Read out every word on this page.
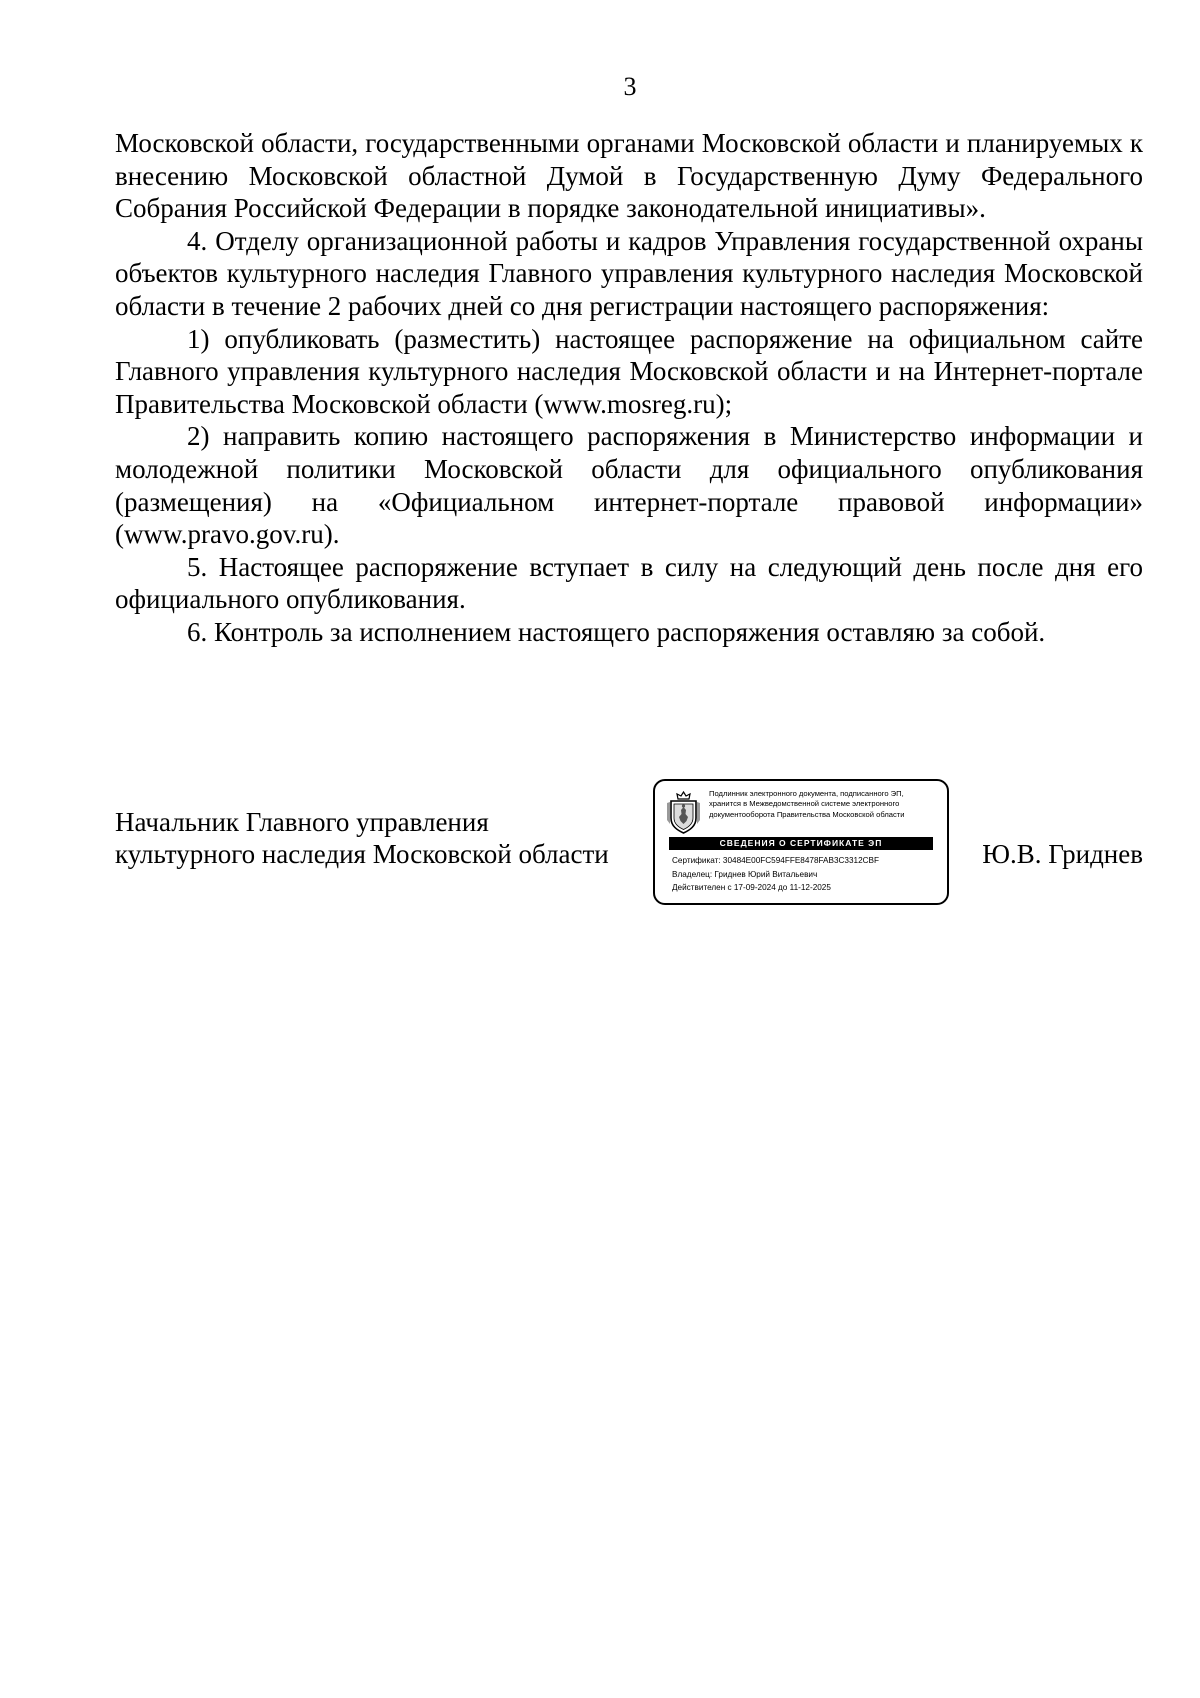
3

Московской области, государственными органами Московской области и планируемых к внесению Московской областной Думой в Государственную Думу Федерального Собрания Российской Федерации в порядке законодательной инициативы».

4. Отделу организационной работы и кадров Управления государственной охраны объектов культурного наследия Главного управления культурного наследия Московской области в течение 2 рабочих дней со дня регистрации настоящего распоряжения:

1) опубликовать (разместить) настоящее распоряжение на официальном сайте Главного управления культурного наследия Московской области и на Интернет-портале Правительства Московской области (www.mosreg.ru);

2) направить копию настоящего распоряжения в Министерство информации и молодежной политики Московской области для официального опубликования (размещения) на «Официальном интернет-портале правовой информации» (www.pravo.gov.ru).

5. Настоящее распоряжение вступает в силу на следующий день после дня его официального опубликования.

6. Контроль за исполнением настоящего распоряжения оставляю за собой.

Начальник Главного управления
культурного наследия Московской области
Подлинник электронного документа, подписанного ЭП,
хранится в Межведомственной системе электронного
документооборота Правительства Московской области
СВЕДЕНИЯ О СЕРТИФИКАТЕ ЭП
Сертификат: 30484E00FC594FFE8478FAB3C3312CBF
Владелец: Гриднев Юрий Витальевич
Действителен с 17-09-2024 до 11-12-2025
Ю.В. Гриднев
